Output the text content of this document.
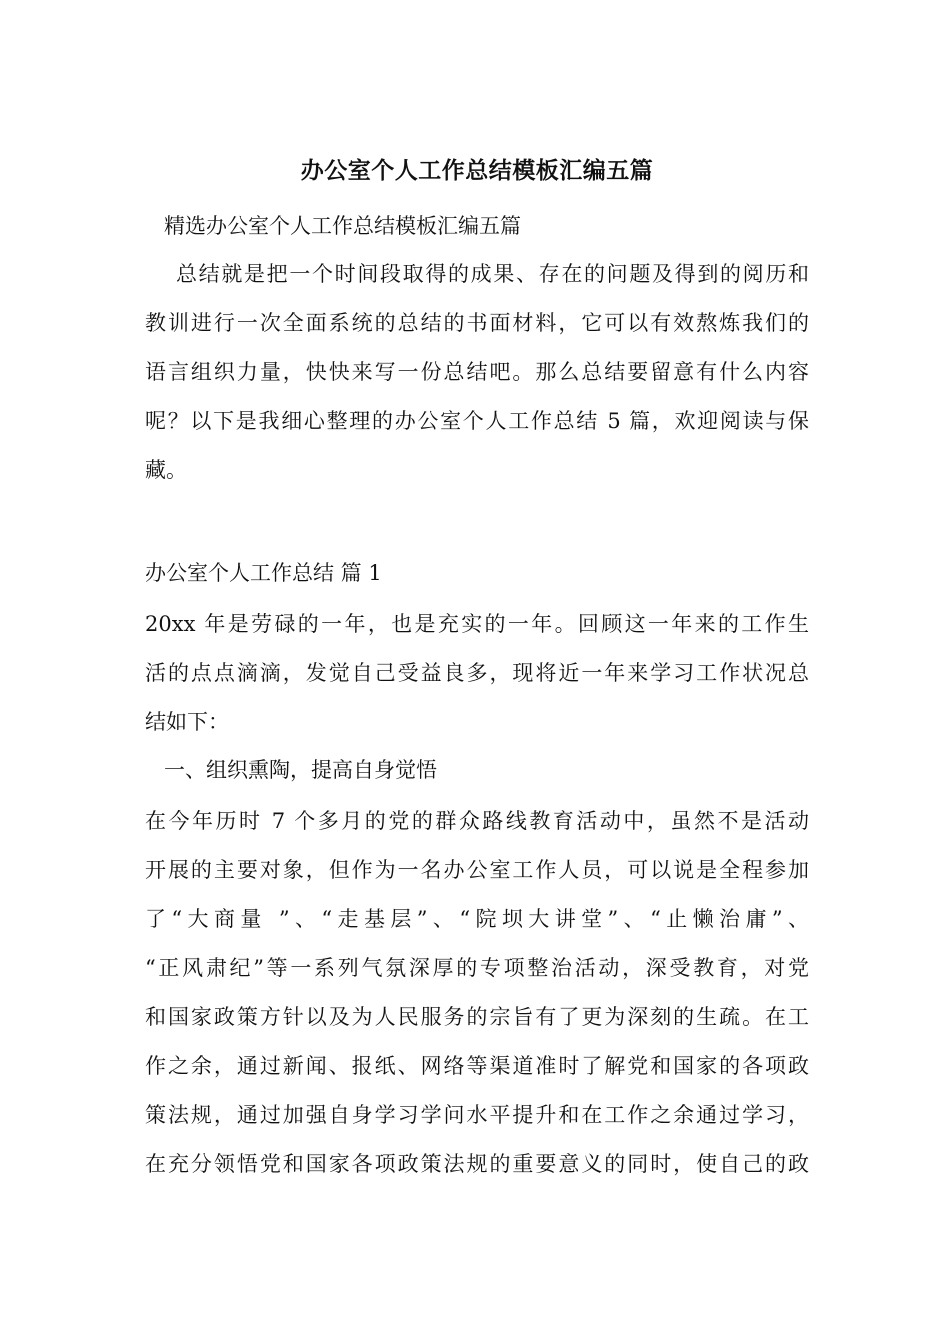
办公室个人工作总结模板汇编五篇
精选办公室个人工作总结模板汇编五篇
　 总结就是把一个时间段取得的成果、存在的问题及得到的阅历和
教训进行一次全面系统的总结的书面材料，它可以有效熬炼我们的
语言组织力量，快快来写一份总结吧。那么总结要留意有什么内容
呢？以下是我细心整理的办公室个人工作总结 5 篇，欢迎阅读与保
藏。
办公室个人工作总结 篇 1
20xx 年是劳碌的一年，也是充实的一年。回顾这一年来的工作生
活的点点滴滴，发觉自己受益良多，现将近一年来学习工作状况总
结如下：
一、组织熏陶，提高自身觉悟
在今年历时 7 个多月的党的群众路线教育活动中，虽然不是活动
开展的主要对象，但作为一名办公室工作人员，可以说是全程参加
了“大商量 ”、“走基层”、“院坝大讲堂”、“止懒治庸”、
“正风肃纪”等一系列气氛深厚的专项整治活动，深受教育，对党
和国家政策方针以及为人民服务的宗旨有了更为深刻的生疏。在工
作之余，通过新闻、报纸、网络等渠道准时了解党和国家的各项政
策法规，通过加强自身学习学问水平提升和在工作之余通过学习，
在充分领悟党和国家各项政策法规的重要意义的同时，使自己的政
